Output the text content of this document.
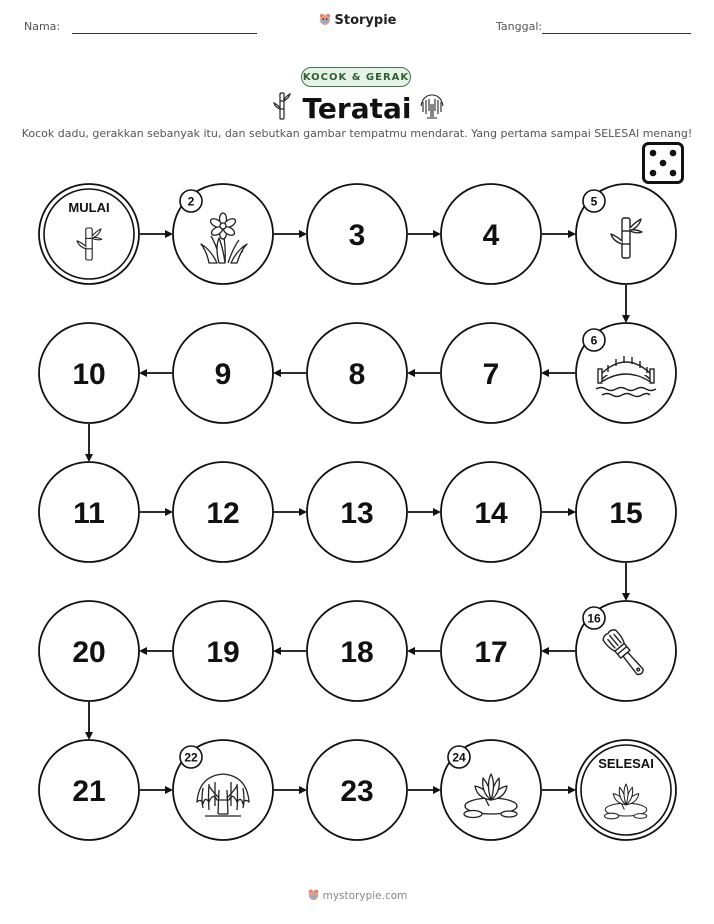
Nama:	Storypie	Tanggal:
KOCOK & GERAK
Teratai
Kocok dadu, gerakkan sebanyak itu, dan sebutkan gambar tempatmu mendarat. Yang pertama sampai SELESAI menang!
MULAI	2
3	4
5
6
7
8
9
10
11	12	13	14	15
16
17
18
19
20
21
22
23
24	SELESAI
mystorypie.com
